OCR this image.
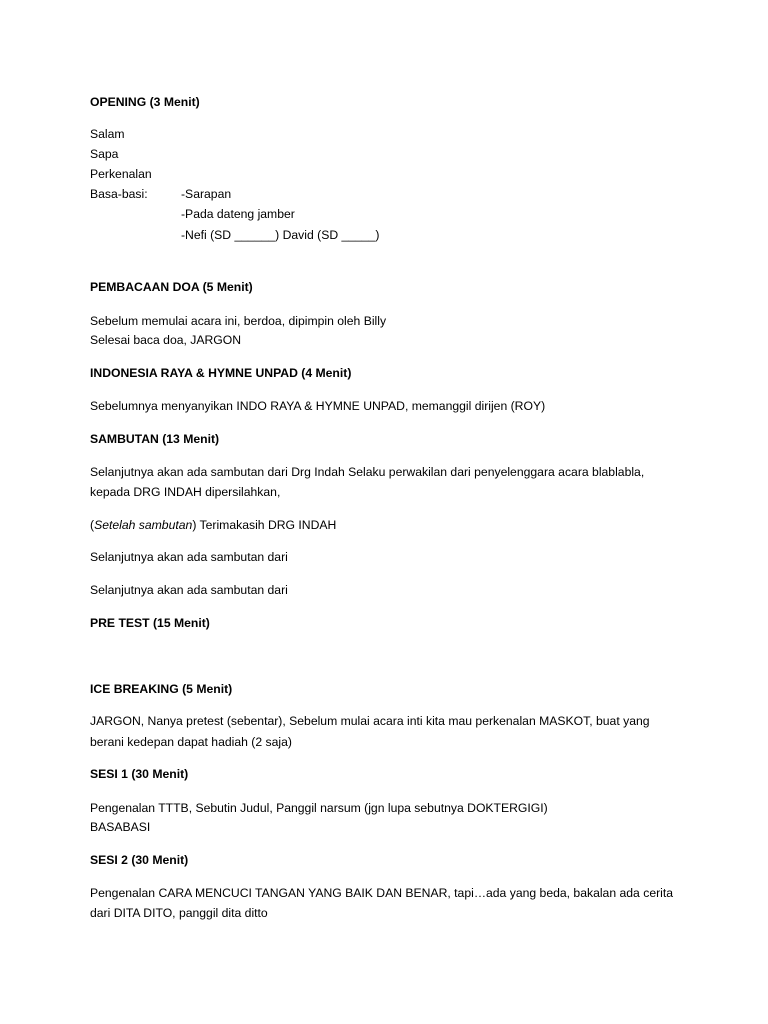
OPENING (3 Menit)
Salam
Sapa
Perkenalan
Basa-basi:	-Sarapan
-Pada dateng jamber
-Nefi (SD ______) David (SD _____)
PEMBACAAN DOA (5 Menit)
Sebelum memulai acara ini, berdoa, dipimpin oleh Billy
Selesai baca doa, JARGON
INDONESIA RAYA & HYMNE UNPAD (4 Menit)
Sebelumnya menyanyikan INDO RAYA & HYMNE UNPAD, memanggil dirijen (ROY)
SAMBUTAN (13 Menit)
Selanjutnya akan ada sambutan dari Drg Indah Selaku perwakilan dari penyelenggara acara blablabla,
kepada DRG INDAH dipersilahkan,
(Setelah sambutan) Terimakasih DRG INDAH
Selanjutnya akan ada sambutan dari
Selanjutnya akan ada sambutan dari
PRE TEST (15 Menit)
ICE BREAKING (5 Menit)
JARGON, Nanya pretest (sebentar), Sebelum mulai acara inti kita mau perkenalan MASKOT, buat yang
berani kedepan dapat hadiah (2 saja)
SESI 1 (30 Menit)
Pengenalan TTTB, Sebutin Judul, Panggil narsum (jgn lupa sebutnya DOKTERGIGI)
BASABASI
SESI 2 (30 Menit)
Pengenalan CARA MENCUCI TANGAN YANG BAIK DAN BENAR, tapi…ada yang beda, bakalan ada cerita
dari DITA DITO, panggil dita ditto
